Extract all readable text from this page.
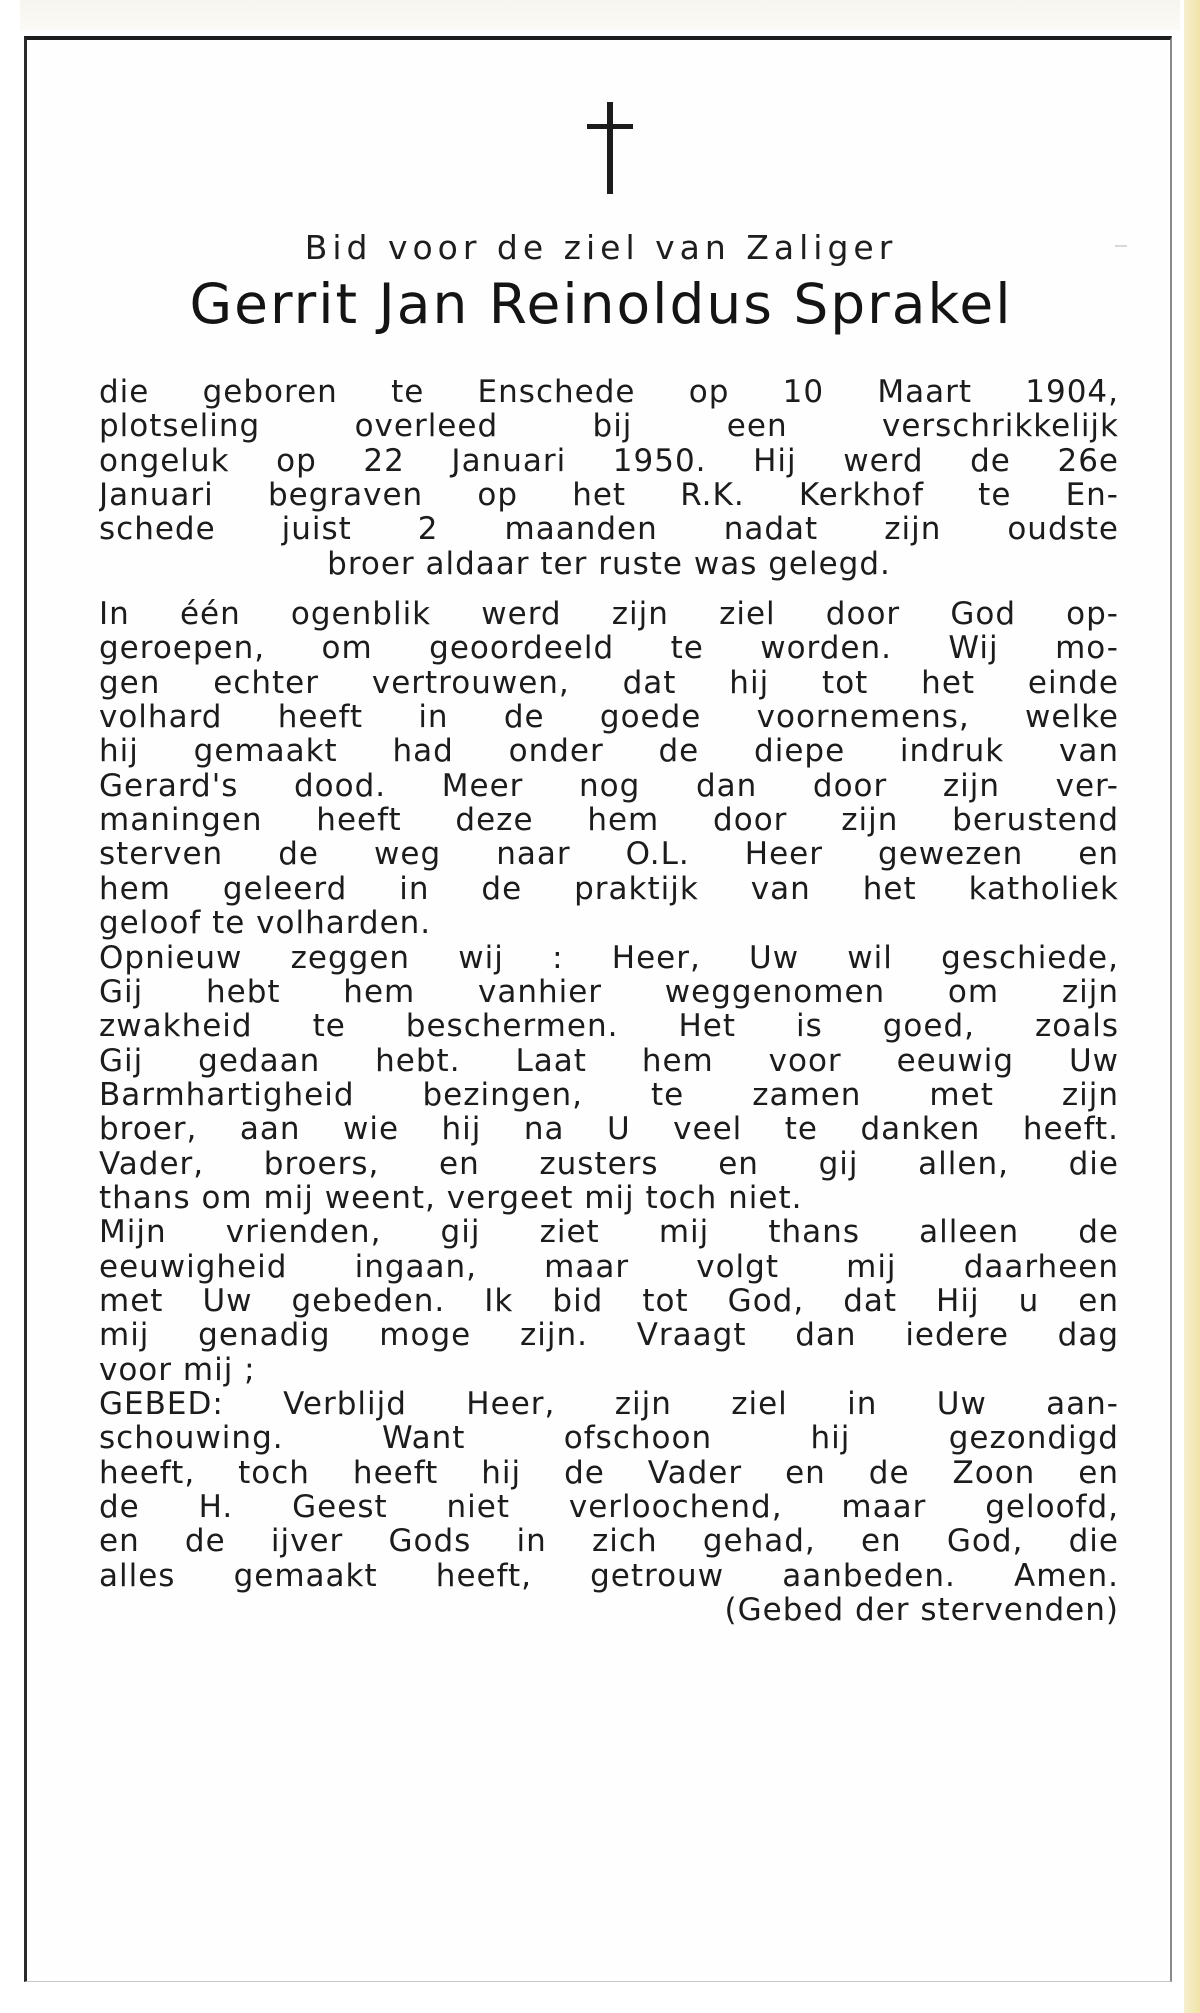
Bid voor de ziel van Zaliger
Gerrit Jan Reinoldus Sprakel
die geboren te Enschede op 10 Maart 1904,
plotseling overleed bij een verschrikkelijk
ongeluk op 22 Januari 1950. Hij werd de 26e
Januari begraven op het R.K. Kerkhof te En-
schede juist 2 maanden nadat zijn oudste
broer aldaar ter ruste was gelegd.
In één ogenblik werd zijn ziel door God op-
geroepen, om geoordeeld te worden. Wij mo-
gen echter vertrouwen, dat hij tot het einde
volhard heeft in de goede voornemens, welke
hij gemaakt had onder de diepe indruk van
Gerard's dood. Meer nog dan door zijn ver-
maningen heeft deze hem door zijn berustend
sterven de weg naar O.L. Heer gewezen en
hem geleerd in de praktijk van het katholiek
geloof te volharden.
Opnieuw zeggen wij : Heer, Uw wil geschiede,
Gij hebt hem vanhier weggenomen om zijn
zwakheid te beschermen. Het is goed, zoals
Gij gedaan hebt. Laat hem voor eeuwig Uw
Barmhartigheid bezingen, te zamen met zijn
broer, aan wie hij na U veel te danken heeft.
Vader, broers, en zusters en gij allen, die
thans om mij weent, vergeet mij toch niet.
Mijn vrienden, gij ziet mij thans alleen de
eeuwigheid ingaan, maar volgt mij daarheen
met Uw gebeden. Ik bid tot God, dat Hij u en
mij genadig moge zijn. Vraagt dan iedere dag
voor mij ;
GEBED: Verblijd Heer, zijn ziel in Uw aan-
schouwing. Want ofschoon hij gezondigd
heeft, toch heeft hij de Vader en de Zoon en
de H. Geest niet verloochend, maar geloofd,
en de ijver Gods in zich gehad, en God, die
alles gemaakt heeft, getrouw aanbeden. Amen.
(Gebed der stervenden)
